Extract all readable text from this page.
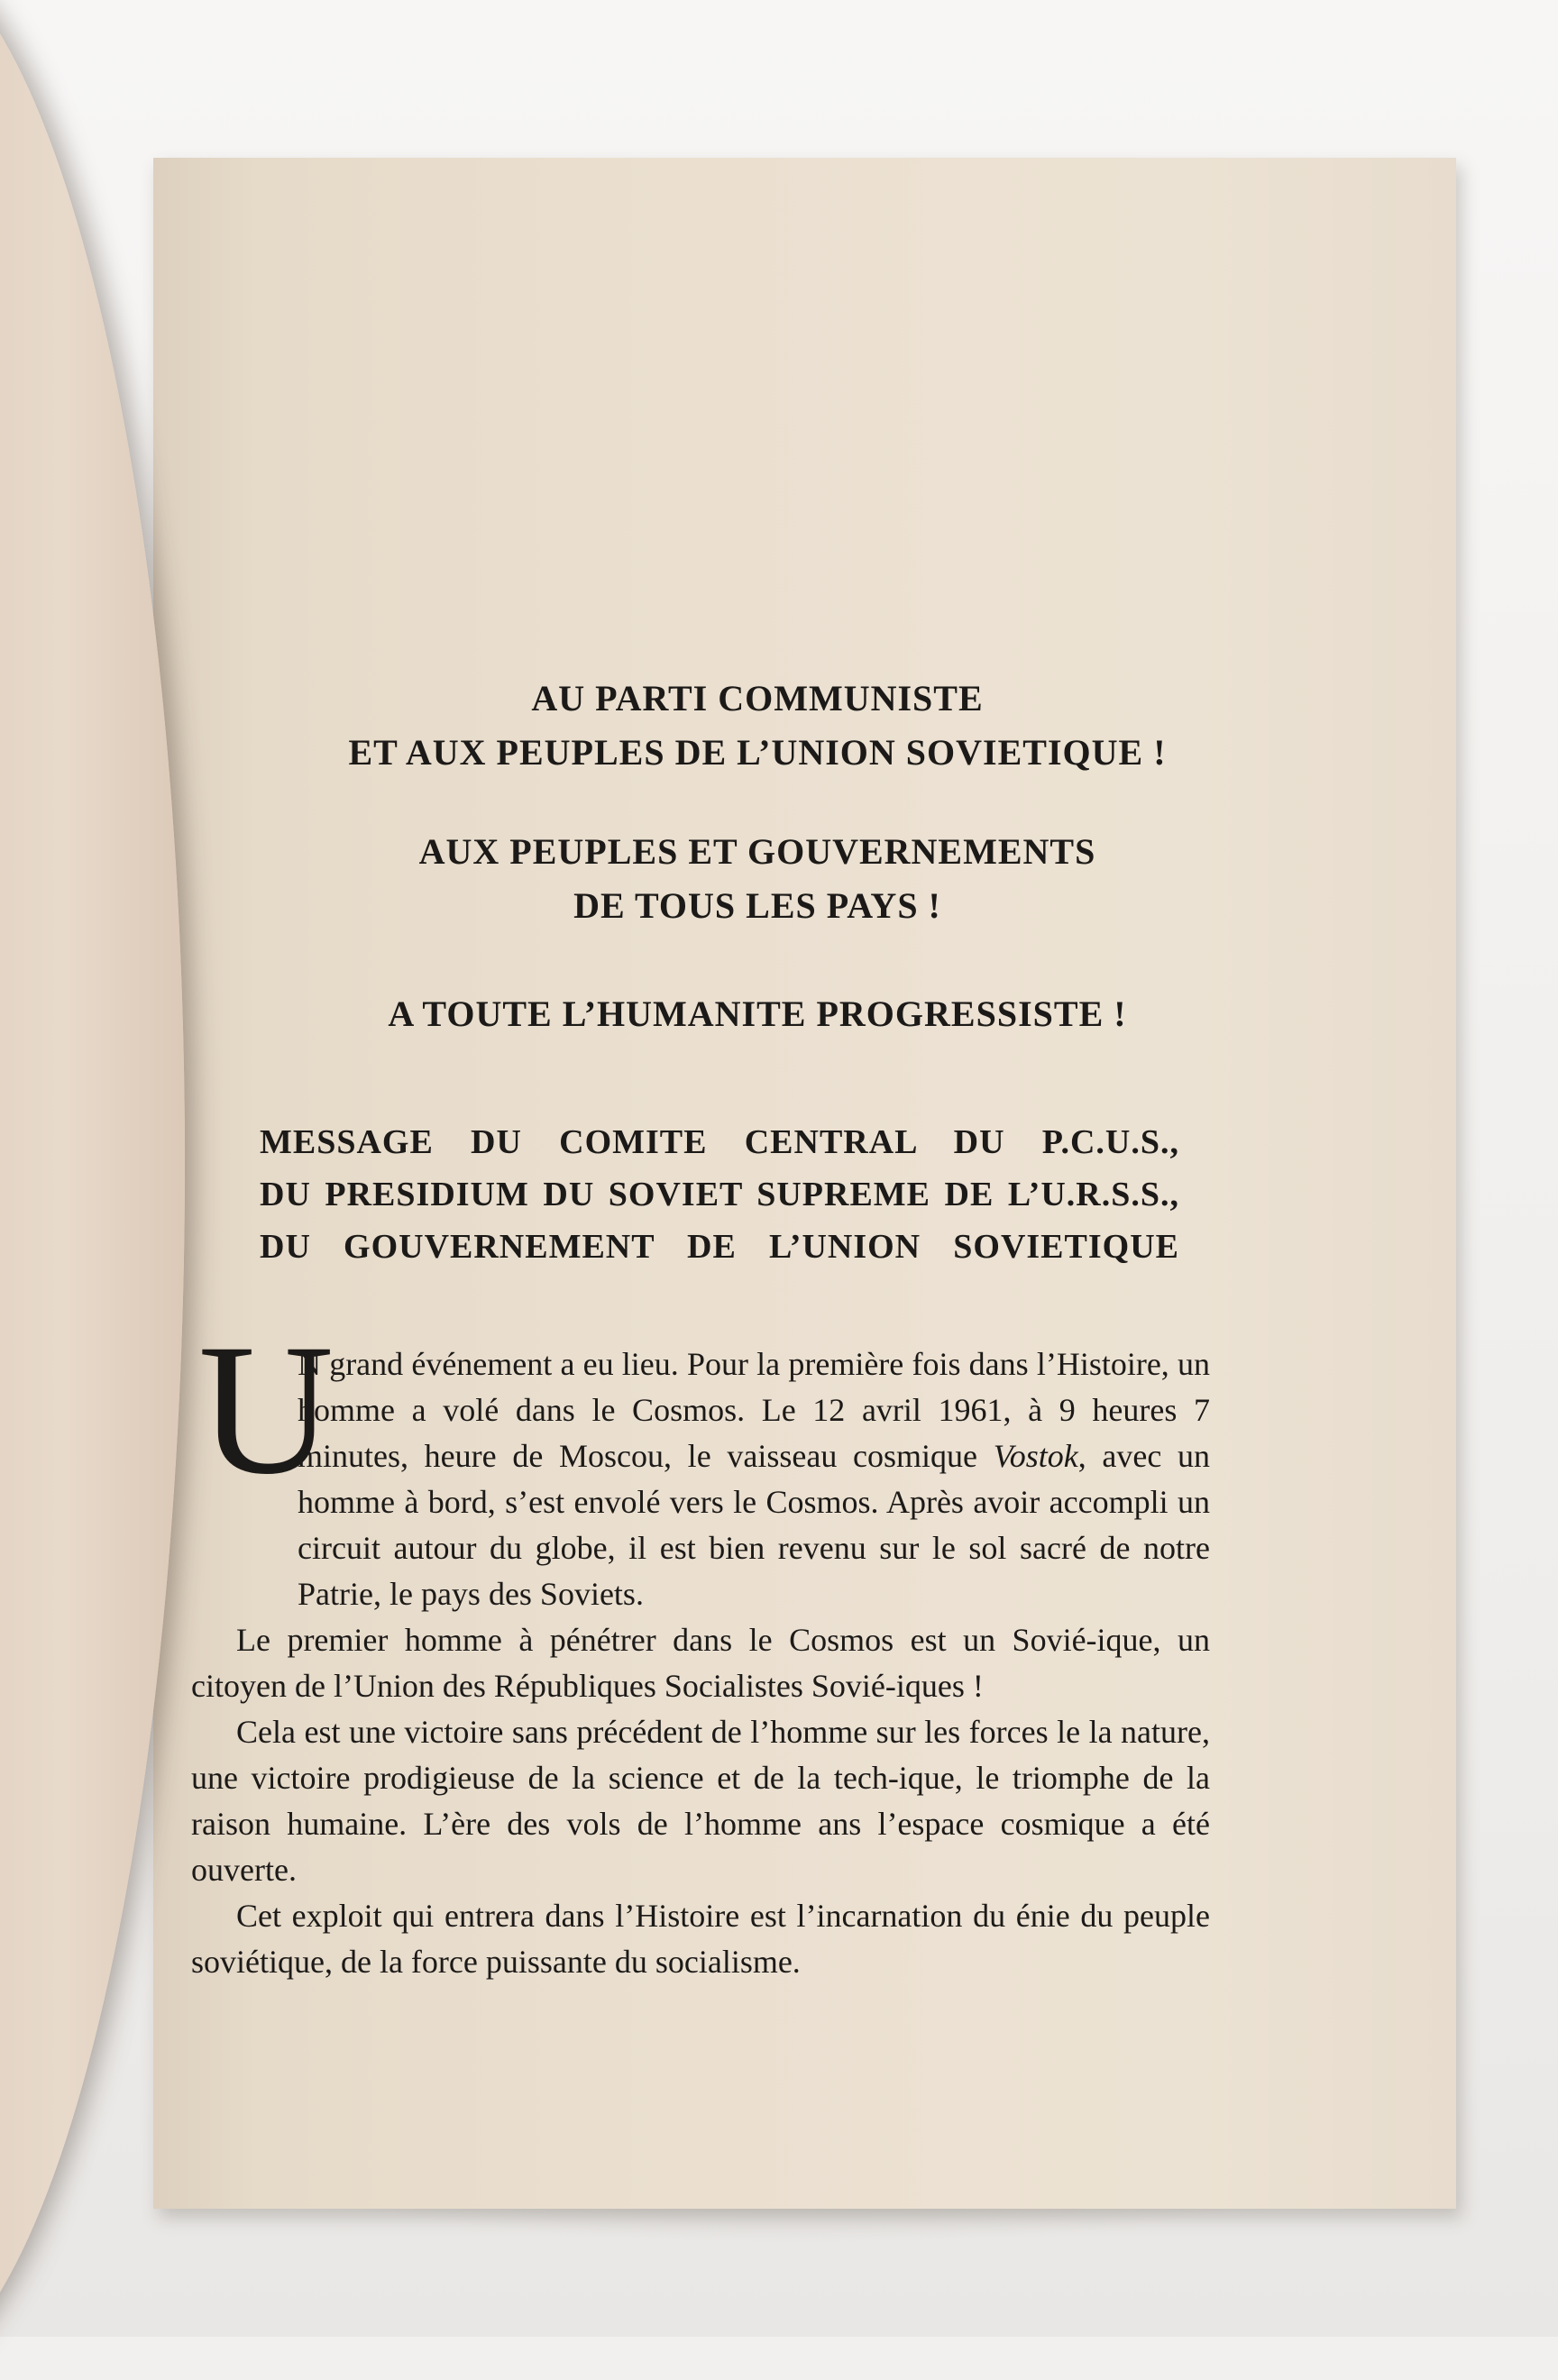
AU PARTI COMMUNISTE
ET AUX PEUPLES DE L’UNION SOVIETIQUE !
AUX PEUPLES ET GOUVERNEMENTS
DE TOUS LES PAYS !
A TOUTE L’HUMANITE PROGRESSISTE !
MESSAGE DU COMITE CENTRAL DU P.C.U.S.,
DU PRESIDIUM DU SOVIET SUPREME DE L’U.R.S.S.,
DU GOUVERNEMENT DE L’UNION SOVIETIQUE
U

N grand événement a eu lieu. Pour la première fois dans l’Histoire, un homme a volé dans le Cosmos. Le 12 avril 1961, à 9 heures 7 minutes, heure de Moscou, le vaisseau cosmique Vostok, avec un homme à bord, s’est envolé vers le Cosmos. Après avoir accompli un circuit autour du globe, il est bien revenu sur le sol sacré de notre Patrie, le pays des Soviets.

Le premier homme à pénétrer dans le Cosmos est un Sovié-ique, un citoyen de l’Union des Républiques Socialistes Sovié-iques !

Cela est une victoire sans précédent de l’homme sur les forces le la nature, une victoire prodigieuse de la science et de la tech-ique, le triomphe de la raison humaine. L’ère des vols de l’homme ans l’espace cosmique a été ouverte.

Cet exploit qui entrera dans l’Histoire est l’incarnation du énie du peuple soviétique, de la force puissante du socialisme.
